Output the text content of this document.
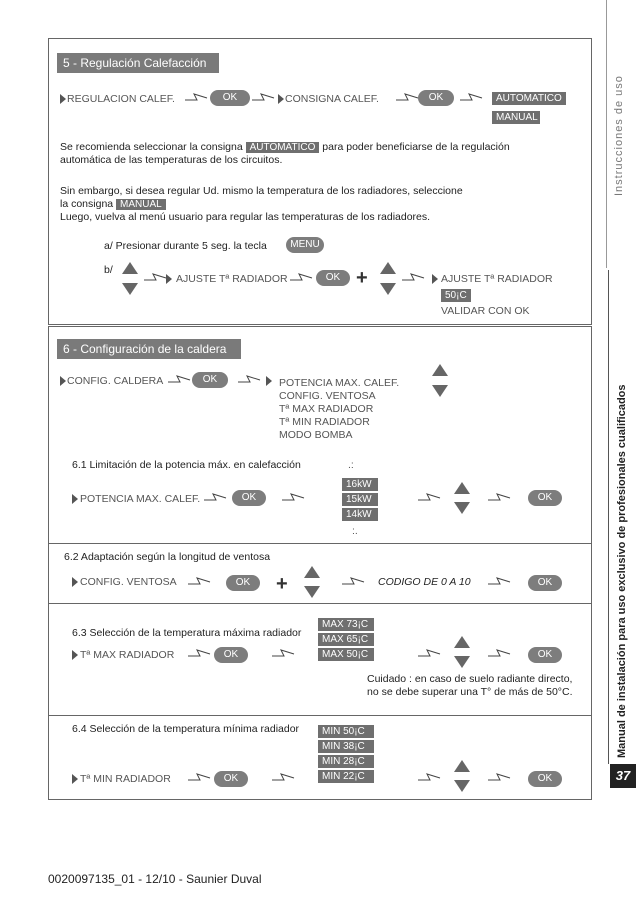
Instrucciones de uso
Manual de instalación para uso exclusivo de profesionales cualificados
37
5 - Regulación Calefacción
REGULACION CALEF.	OK	CONSIGNA CALEF.	OK	AUTOMATICO
MANUAL
Se recomienda seleccionar la consigna AUTOMATICO para poder beneficiarse de la regulación
automática de las temperaturas de los circuitos.
Sin embargo, si desea regular Ud. mismo la temperatura de los radiadores, seleccione
la consigna MANUAL
Luego, vuelva al menú usuario para regular las temperaturas de los radiadores.
a/ Presionar durante 5 seg. la tecla	MENU
b/
AJUSTE Tª RADIADOR	OK +	AJUSTE Tª RADIADOR
50¡C
VALIDAR CON OK
6 - Configuración de la caldera
CONFIG. CALDERA	OK	POTENCIA MAX. CALEF.
CONFIG. VENTOSA
Tª MAX RADIADOR
Tª MIN RADIADOR
MODO BOMBA
6.1 Limitación de la potencia máx. en calefacción	.:
POTENCIA MAX. CALEF.	OK
16kW
15kW
14kW
:.
OK
6.2 Adaptación según la longitud de ventosa
CONFIG. VENTOSA	OK	+	CODIGO DE 0 A 10	OK
6.3 Selección de la temperatura máxima radiador
MAX 73¡C
MAX 65¡C
MAX 50¡C
Tª MAX RADIADOR	OK	OK
Cuidado : en caso de suelo radiante directo,
no se debe superar una T° de más de 50°C.
6.4 Selección de la temperatura mínima radiador	MIN 50¡C
MIN 38¡C
MIN 28¡C
MIN 22¡C
Tª MIN RADIADOR	OK	OK
0020097135_01 - 12/10 - Saunier Duval
